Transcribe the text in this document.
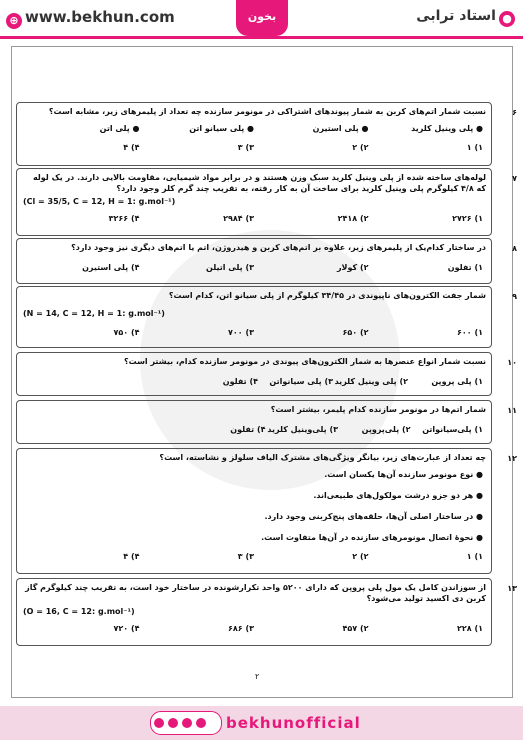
⊕ www.bekhun.com	بخون	●استاد ترابی
۶
نسبت شمار اتم‌های کربن به شمار پیوندهای اشتراکی در مونومر سازنده چه تعداد از پلیمرهای زیر، مشابه است؟
● پلی وینیل کلرید
● پلی استیرن
● پلی سیانو اتن
● پلی اتن
۱) ۱
۲) ۲
۳) ۳
۴) ۴
۷
لوله‌های ساخته شده از پلی وینیل کلرید سبک وزن هستند و در برابر مواد شیمیایی، مقاومت بالایی دارند. در یک لوله که ۴/۸ کیلوگرم پلی وینیل کلرید برای ساخت آن به کار رفته، به تقریب چند گرم کلر وجود دارد؟
(Cl = 35/5, C = 12, H = 1: g.mol⁻¹)
۱) ۲۷۲۶
۲) ۲۴۱۸
۳) ۲۹۸۴
۴) ۳۲۶۶
۸
در ساختار کدام‌یک از پلیمرهای زیر، علاوه بر اتم‌های کربن و هیدروژن، اتم یا اتم‌های دیگری نیز وجود دارد؟
۱) تفلون
۲) کولار
۳) پلی اتیلن
۴) پلی استیرن
۹
شمار جفت الکترون‌های ناپیوندی در ۳۴/۴۵ کیلوگرم از پلی سیانو اتن، کدام است؟
(N = 14, C = 12, H = 1: g.mol⁻¹)
۱) ۶۰۰
۲) ۶۵۰
۳) ۷۰۰
۴) ۷۵۰
۱۰
نسبت شمار انواع عنصرها به شمار الکترون‌های پیوندی در مونومر سازنده کدام، بیشتر است؟
۱) پلی پروپن
۲) پلی وینیل کلرید
۳) پلی سیانواتن
۴) تفلون
۱۱
شمار اتم‌ها در مونومر سازنده کدام پلیمر، بیشتر است؟
۱) پلی‌سیانواتن
۲) پلی‌پروپن
۳) پلی‌وینیل کلرید
۴) تفلون
۱۲
چه تعداد از عبارت‌های زیر، بیانگر ویژگی‌های مشترک الیاف سلولز و نشاسته، است؟
● نوع مونومر سازنده آن‌ها یکسان است.
● هر دو جزو درشت مولکول‌های طبیعی‌اند.
● در ساختار اصلی آن‌ها، حلقه‌های پنج‌کربنی وجود دارد.
● نحوهٔ اتصال مونومرهای سازنده در آن‌ها متفاوت است.
۱) ۱
۲) ۲
۳) ۳
۴) ۴
۱۳
از سوزاندن کامل یک مول پلی پروپن که دارای ۵۲۰۰ واحد تکرارشونده در ساختار خود است، به تقریب چند کیلوگرم گاز کربن دی اکسید تولید می‌شود؟
(O = 16, C = 12: g.mol⁻¹)
۱) ۲۲۸
۲) ۴۵۷
۳) ۶۸۶
۴) ۷۲۰
۲
bekhunofficial
